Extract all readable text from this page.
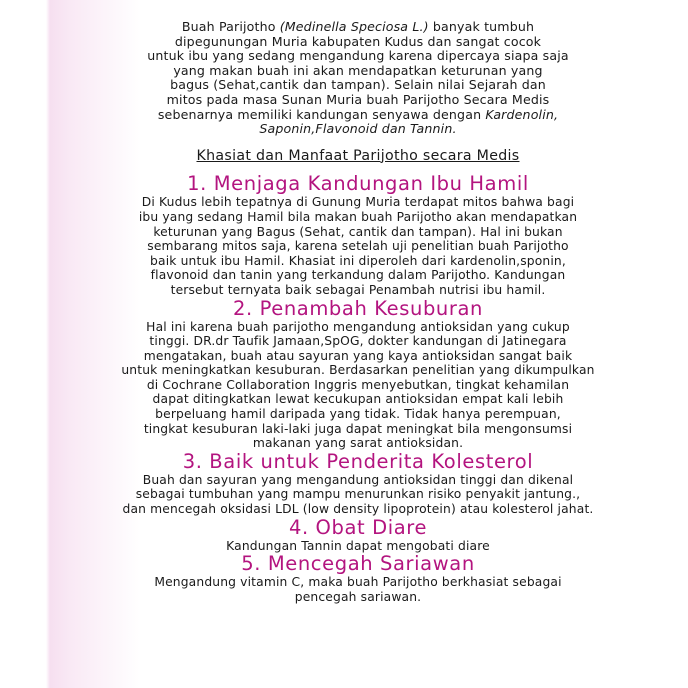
Buah Parijotho (Medinella Speciosa L.) banyak tumbuh

dipegunungan Muria kabupaten Kudus dan sangat cocok

untuk ibu yang sedang mengandung karena dipercaya siapa saja

yang makan buah ini akan mendapatkan keturunan yang

bagus (Sehat,cantik dan tampan). Selain nilai Sejarah dan

mitos pada masa Sunan Muria buah Parijotho Secara Medis

sebenarnya memiliki kandungan senyawa dengan Kardenolin,

Saponin,Flavonoid dan Tannin.

Khasiat dan Manfaat Parijotho secara Medis

1. Menjaga Kandungan Ibu Hamil

Di Kudus lebih tepatnya di Gunung Muria terdapat mitos bahwa bagi

ibu yang sedang Hamil bila makan buah Parijotho akan mendapatkan

keturunan yang Bagus (Sehat, cantik dan tampan). Hal ini bukan

sembarang mitos saja, karena setelah uji penelitian buah Parijotho

baik untuk ibu Hamil. Khasiat ini diperoleh dari kardenolin,sponin,

flavonoid dan tanin yang terkandung dalam Parijotho. Kandungan

tersebut ternyata baik sebagai Penambah nutrisi ibu hamil.

2. Penambah Kesuburan

Hal ini karena buah parijotho mengandung antioksidan yang cukup

tinggi. DR.dr Taufik Jamaan,SpOG, dokter kandungan di Jatinegara

mengatakan, buah atau sayuran yang kaya antioksidan sangat baik

untuk meningkatkan kesuburan. Berdasarkan penelitian yang dikumpulkan

di Cochrane Collaboration Inggris menyebutkan, tingkat kehamilan

dapat ditingkatkan lewat kecukupan antioksidan empat kali lebih

berpeluang hamil daripada yang tidak. Tidak hanya perempuan,

tingkat kesuburan laki-laki juga dapat meningkat bila mengonsumsi

makanan yang sarat antioksidan.

3. Baik untuk Penderita Kolesterol

Buah dan sayuran yang mengandung antioksidan tinggi dan dikenal

sebagai tumbuhan yang mampu menurunkan risiko penyakit jantung.,

dan mencegah oksidasi LDL (low density lipoprotein) atau kolesterol jahat.

4. Obat Diare

Kandungan Tannin dapat mengobati diare

5. Mencegah Sariawan

Mengandung vitamin C, maka buah Parijotho berkhasiat sebagai

pencegah sariawan.
